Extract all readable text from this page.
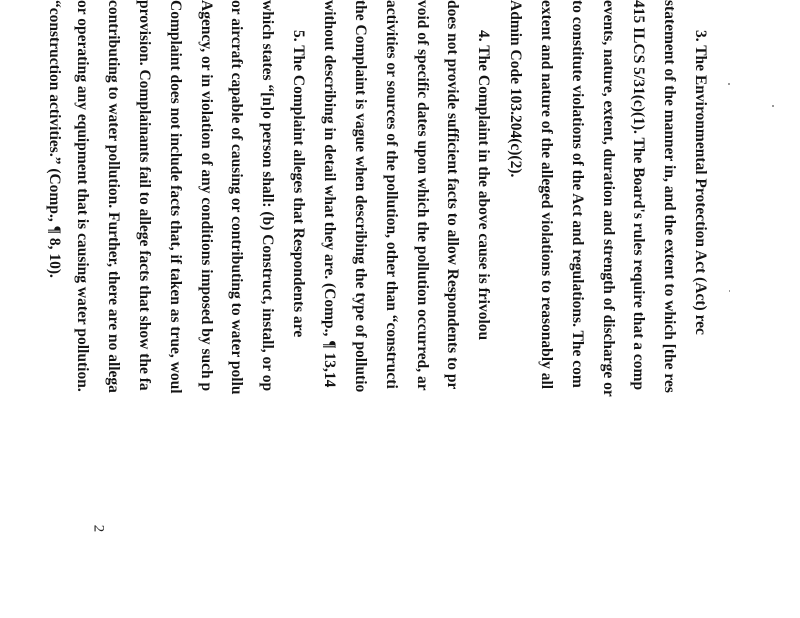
3. The Environmental Protection Act (Act) rec
statement of the manner in, and the extent to which [the res
415 ILCS 5/31(c)(1). The Board's rules require that a comp
events, nature, extent, duration and strength of discharge or
to constitute violations of the Act and regulations. The com
extent and nature of the alleged violations to reasonably all
Admin Code 103.204(c)(2).
4. The Complaint in the above cause is frivolou
does not provide sufficient facts to allow Respondents to pr
void of specific dates upon which the pollution occurred, ar
activities or sources of the pollution, other than “constructi
the Complaint is vague when describing the type of pollutio
without describing in detail what they are. (Comp., ¶ 13,14
5. The Complaint alleges that Respondents are
which states “[n]o person shall: (b) Construct, install, or op
or aircraft capable of causing or contributing to water pollu
Agency, or in violation of any conditions imposed by such p
Complaint does not include facts that, if taken as true, woul
provision. Complainants fail to allege facts that show the fa
contributing to water pollution. Further, there are no allega
or operating any equipment that is causing water pollution.
“construction activities.” (Comp., ¶ 8, 10).
2
